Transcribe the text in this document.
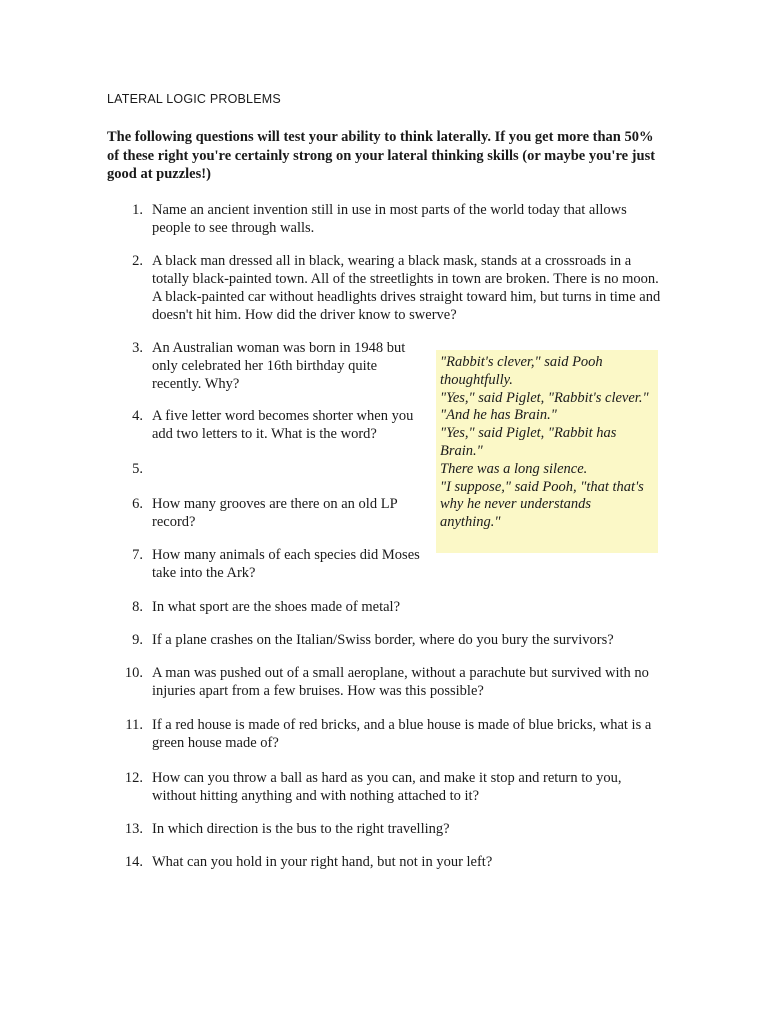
LATERAL LOGIC PROBLEMS
The following questions will test your ability to think laterally. If you get more than 50% of these right you're certainly strong on your lateral thinking skills (or maybe you're just good at puzzles!)
1. Name an ancient invention still in use in most parts of the world today that allows people to see through walls.
2. A black man dressed all in black, wearing a black mask, stands at a crossroads in a totally black-painted town. All of the streetlights in town are broken. There is no moon. A black-painted car without headlights drives straight toward him, but turns in time and doesn't hit him. How did the driver know to swerve?
3. An Australian woman was born in 1948 but only celebrated her 16th birthday quite recently. Why?
4. A five letter word becomes shorter when you add two letters to it. What is the word?
5.
6. How many grooves are there on an old LP record?
7. How many animals of each species did Moses take into the Ark?
8. In what sport are the shoes made of metal?
9. If a plane crashes on the Italian/Swiss border, where do you bury the survivors?
10. A man was pushed out of a small aeroplane, without a parachute but survived with no injuries apart from a few bruises. How was this possible?
11. If a red house is made of red bricks, and a blue house is made of blue bricks, what is a green house made of?
12. How can you throw a ball as hard as you can, and make it stop and return to you, without hitting anything and with nothing attached to it?
13. In which direction is the bus to the right travelling?
14. What can you hold in your right hand, but not in your left?
"Rabbit's clever," said Pooh thoughtfully.
"Yes," said Piglet, "Rabbit's clever."
"And he has Brain."
"Yes," said Piglet, "Rabbit has Brain."
There was a long silence.
"I suppose," said Pooh, "that that's why he never understands anything."
